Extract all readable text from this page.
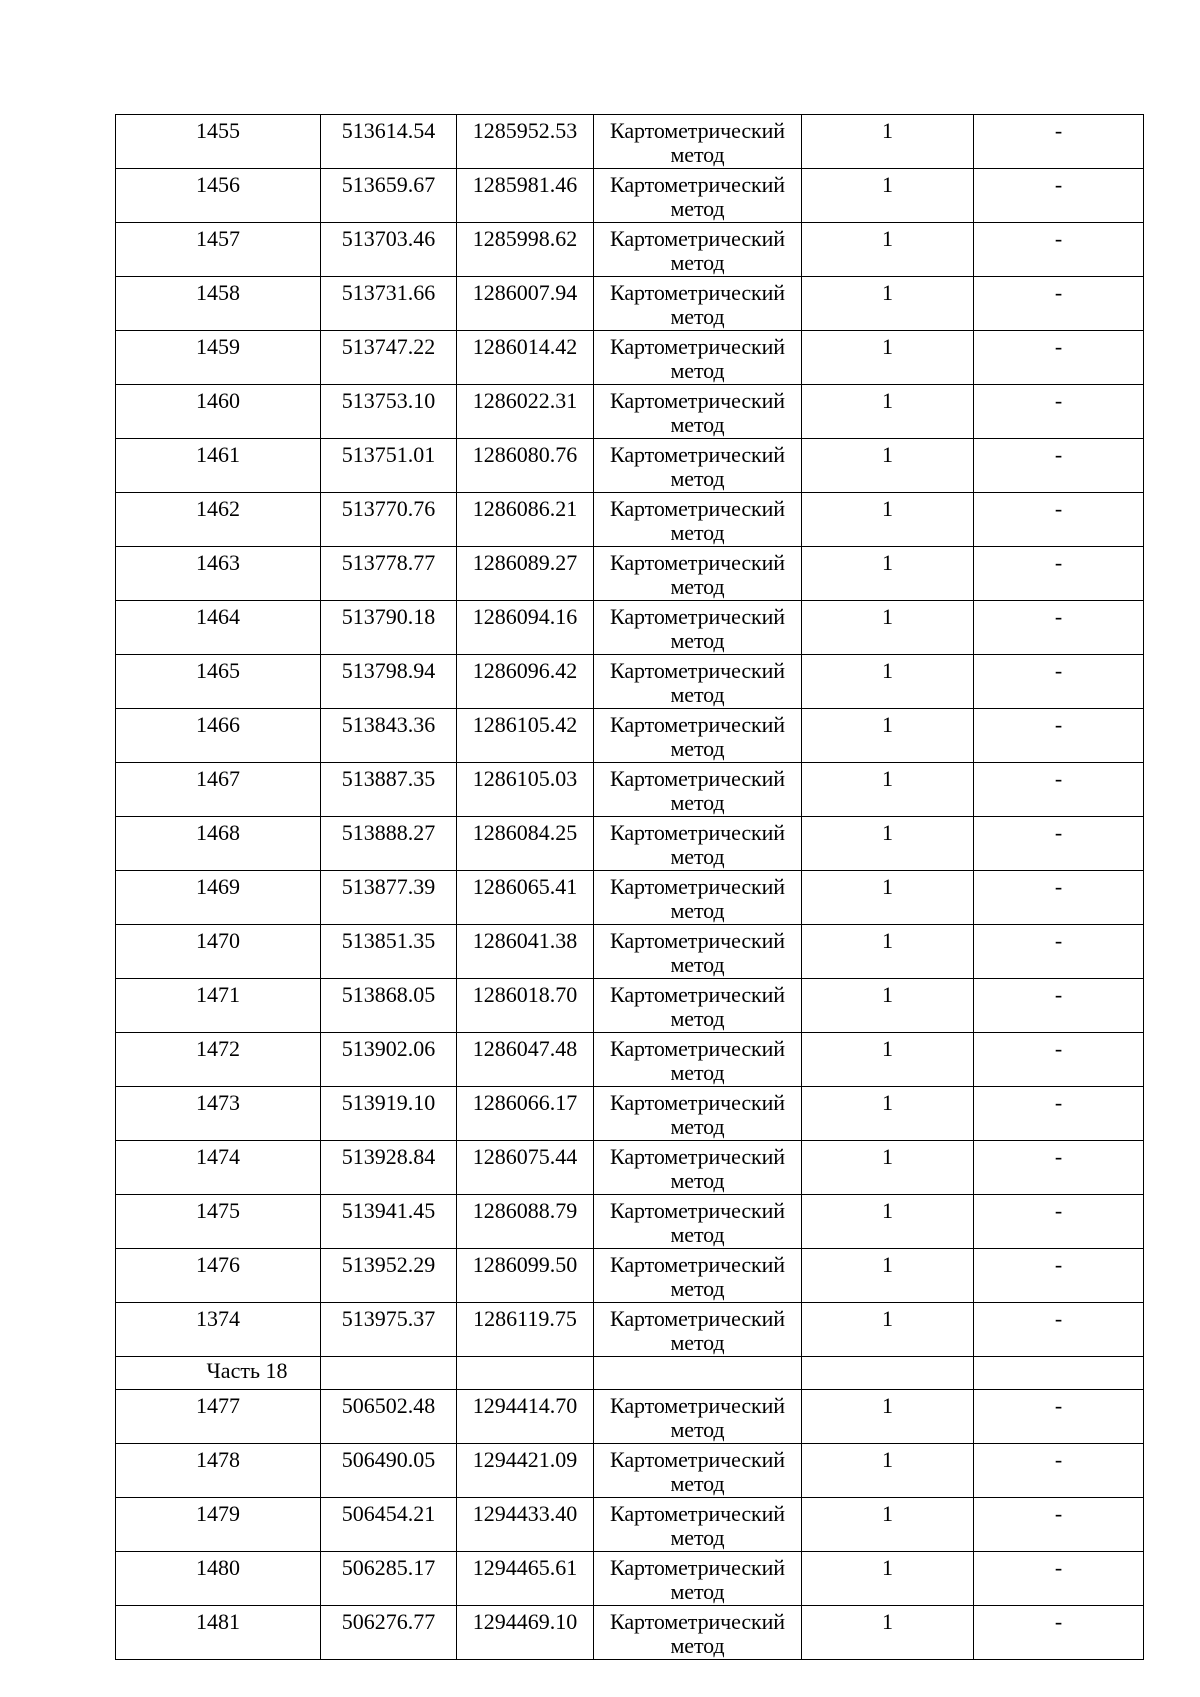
1455	513614.54	1285952.53	Картометрический метод	1	-
1456	513659.67	1285981.46	Картометрический метод	1	-
1457	513703.46	1285998.62	Картометрический метод	1	-
1458	513731.66	1286007.94	Картометрический метод	1	-
1459	513747.22	1286014.42	Картометрический метод	1	-
1460	513753.10	1286022.31	Картометрический метод	1	-
1461	513751.01	1286080.76	Картометрический метод	1	-
1462	513770.76	1286086.21	Картометрический метод	1	-
1463	513778.77	1286089.27	Картометрический метод	1	-
1464	513790.18	1286094.16	Картометрический метод	1	-
1465	513798.94	1286096.42	Картометрический метод	1	-
1466	513843.36	1286105.42	Картометрический метод	1	-
1467	513887.35	1286105.03	Картометрический метод	1	-
1468	513888.27	1286084.25	Картометрический метод	1	-
1469	513877.39	1286065.41	Картометрический метод	1	-
1470	513851.35	1286041.38	Картометрический метод	1	-
1471	513868.05	1286018.70	Картометрический метод	1	-
1472	513902.06	1286047.48	Картометрический метод	1	-
1473	513919.10	1286066.17	Картометрический метод	1	-
1474	513928.84	1286075.44	Картометрический метод	1	-
1475	513941.45	1286088.79	Картометрический метод	1	-
1476	513952.29	1286099.50	Картометрический метод	1	-
1374	513975.37	1286119.75	Картометрический метод	1	-
Часть 18					
1477	506502.48	1294414.70	Картометрический метод	1	-
1478	506490.05	1294421.09	Картометрический метод	1	-
1479	506454.21	1294433.40	Картометрический метод	1	-
1480	506285.17	1294465.61	Картометрический метод	1	-
1481	506276.77	1294469.10	Картометрический метод	1	-
